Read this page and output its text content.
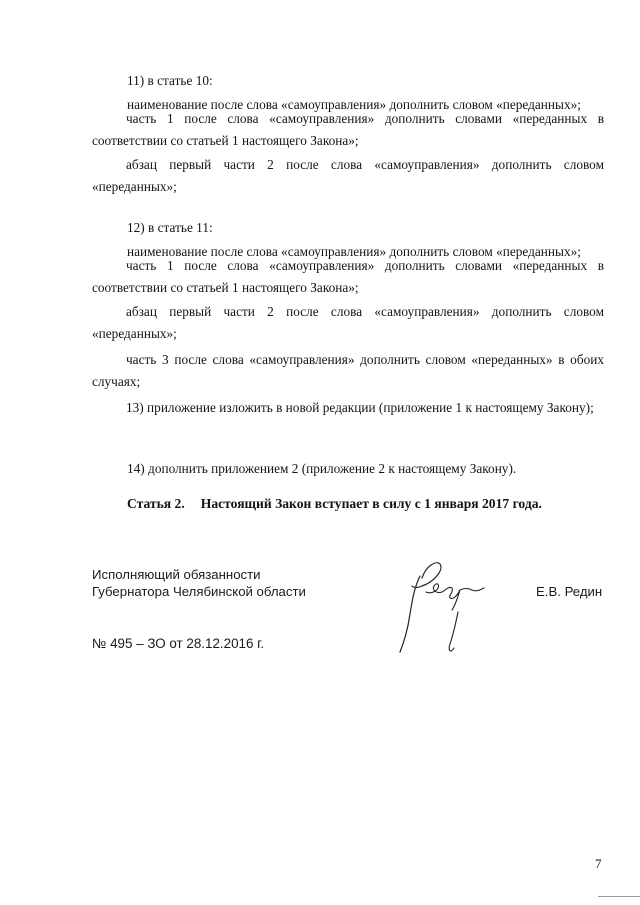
11) в статье 10:

наименование после слова «самоуправления» дополнить словом «переданных»;

часть 1 после слова «самоуправления» дополнить словами «переданных в соответствии со статьей 1 настоящего Закона»;

абзац первый части 2 после слова «самоуправления» дополнить словом «переданных»;

12) в статье 11:

наименование после слова «самоуправления» дополнить словом «переданных»;

часть 1 после слова «самоуправления» дополнить словами «переданных в соответствии со статьей 1 настоящего Закона»;

абзац первый части 2 после слова «самоуправления» дополнить словом «переданных»;

часть 3 после слова «самоуправления» дополнить словом «переданных» в обоих случаях;

13) приложение изложить в новой редакции (приложение 1 к настоящему Закону);

14) дополнить приложением 2 (приложение 2 к настоящему Закону).

Статья 2. Настоящий Закон вступает в силу с 1 января 2017 года.
Исполняющий обязанности
Губернатора Челябинской области	Е.В. Редин
№ 495 – ЗО от 28.12.2016 г.
7
